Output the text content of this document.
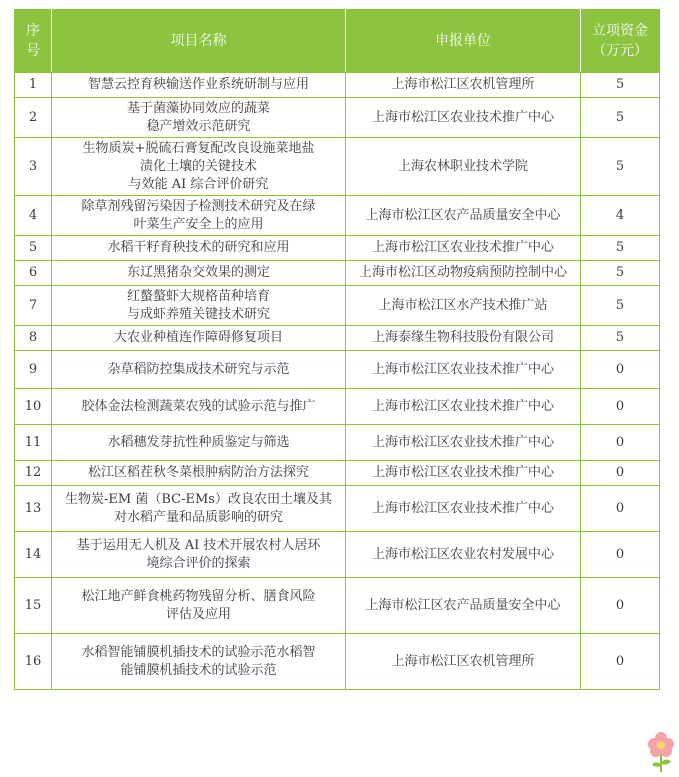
序
号	项目名称	申报单位	立项资金
（万元）
1	智慧云控育秧输送作业系统研制与应用	上海市松江区农机管理所	5
2	基于菌藻协同效应的蔬菜
稳产增效示范研究	上海市松江区农业技术推广中心	5
3	生物质炭+脱硫石膏复配改良设施菜地盐
渍化土壤的关键技术
与效能 AI 综合评价研究	上海农林职业技术学院	5
4	除草剂残留污染因子检测技术研究及在绿
叶菜生产安全上的应用	上海市松江区农产品质量安全中心	4
5	水稻干籽育秧技术的研究和应用	上海市松江区农业技术推广中心	5
6	东辽黑猪杂交效果的测定	上海市松江区动物疫病预防控制中心	5
7	红螯螯虾大规格苗种培育
与成虾养殖关键技术研究	上海市松江区水产技术推广站	5
8	大农业种植连作障碍修复项目	上海泰缘生物科技股份有限公司	5
9	杂草稻防控集成技术研究与示范	上海市松江区农业技术推广中心	0
10	胶体金法检测蔬菜农残的试验示范与推广	上海市松江区农业技术推广中心	0
11	水稻穗发芽抗性种质鉴定与筛选	上海市松江区农业技术推广中心	0
12	松江区稻茬秋冬菜根肿病防治方法探究	上海市松江区农业技术推广中心	0
13	生物炭-EM 菌（BC-EMs）改良农田土壤及其
对水稻产量和品质影响的研究	上海市松江区农业技术推广中心	0
14	基于运用无人机及 AI 技术开展农村人居环
境综合评价的探索	上海市松江区农业农村发展中心	0
15	松江地产鲜食桃药物残留分析、膳食风险
评估及应用	上海市松江区农产品质量安全中心	0
16	水稻智能铺膜机插技术的试验示范水稻智
能铺膜机插技术的试验示范	上海市松江区农机管理所	0
